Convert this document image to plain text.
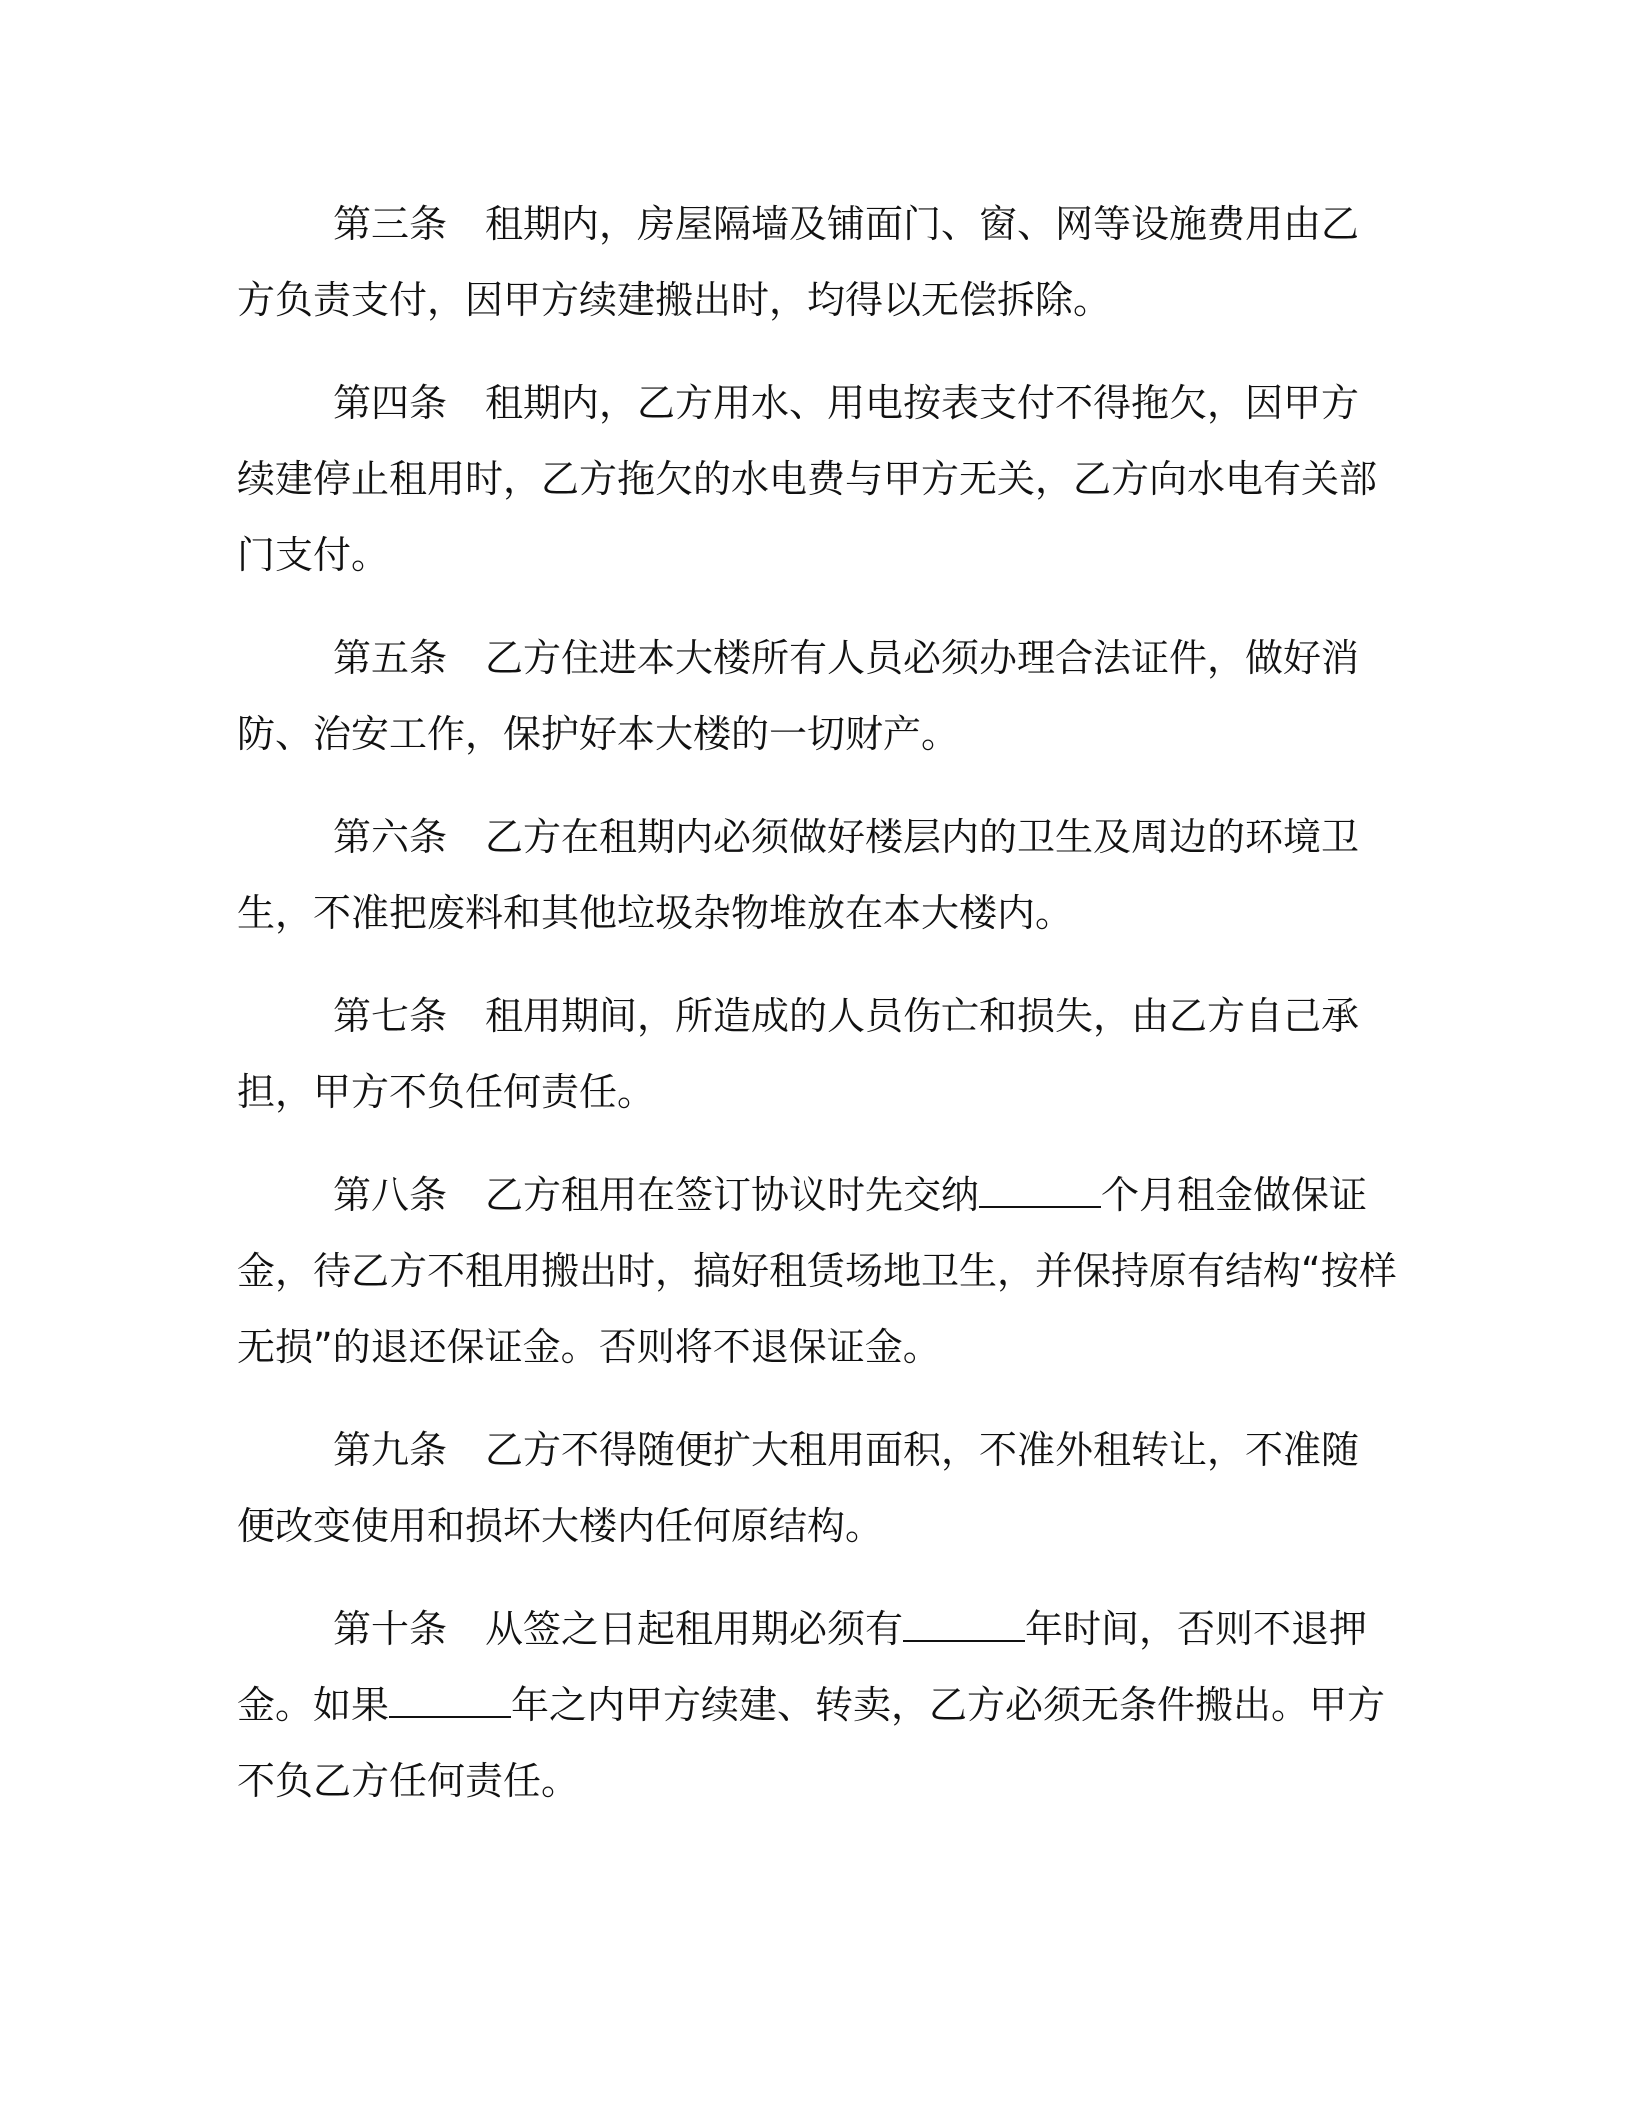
第三条 租期内，房屋隔墙及铺面门、窗、网等设施费用由乙方负责支付，因甲方续建搬出时，均得以无偿拆除。

第四条 租期内，乙方用水、用电按表支付不得拖欠，因甲方续建停止租用时，乙方拖欠的水电费与甲方无关，乙方向水电有关部门支付。

第五条 乙方住进本大楼所有人员必须办理合法证件，做好消防、治安工作，保护好本大楼的一切财产。

第六条 乙方在租期内必须做好楼层内的卫生及周边的环境卫生，不准把废料和其他垃圾杂物堆放在本大楼内。

第七条 租用期间，所造成的人员伤亡和损失，由乙方自己承担，甲方不负任何责任。

第八条 乙方租用在签订协议时先交纳	个月租金做保证金，待乙方不租用搬出时，搞好租赁场地卫生，并保持原有结构“按样无损”的退还保证金。否则将不退保证金。

第九条 乙方不得随便扩大租用面积，不准外租转让，不准随便改变使用和损坏大楼内任何原结构。

第十条 从签之日起租用期必须有	年时间，否则不退押金。如果	年之内甲方续建、转卖，乙方必须无条件搬出。甲方不负乙方任何责任。
